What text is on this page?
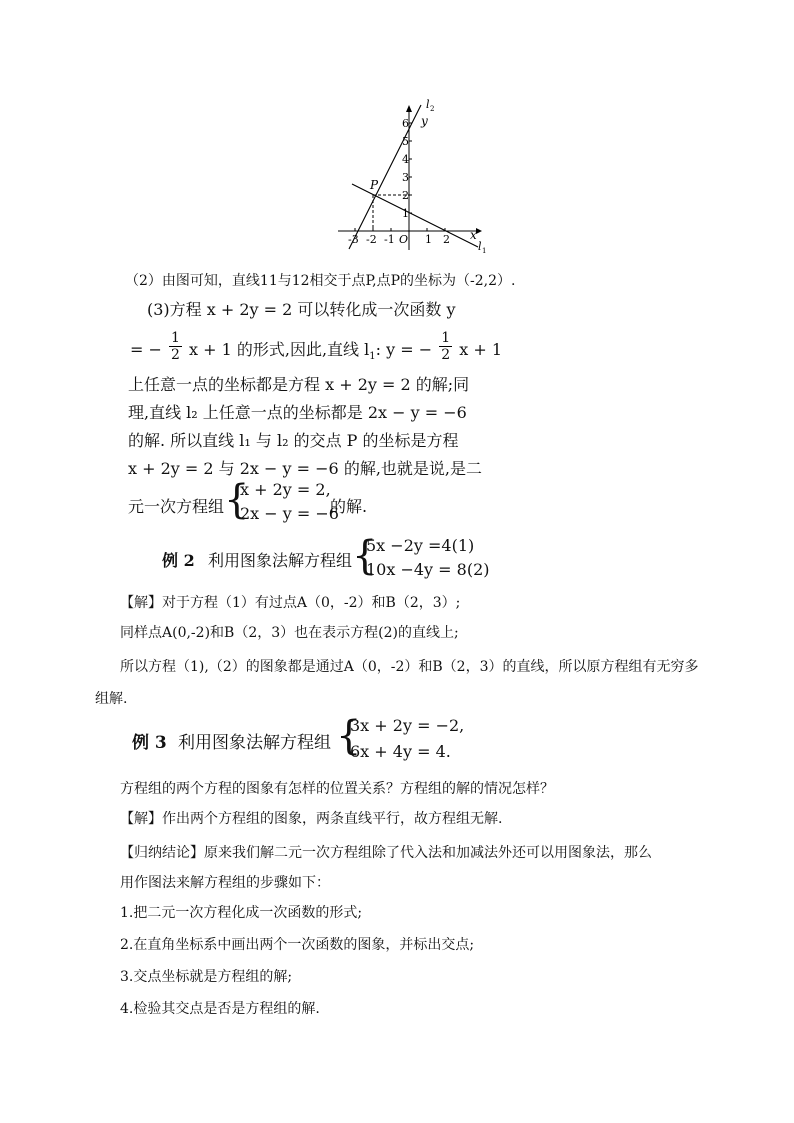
l 2
y
x
l 1
P
O
6
5
4
3
2
1
-3 -2 -1	1 2
（2）由图可知，直线11与12相交于点P,点P的坐标为（-2,2）.
(3)方程 x + 2y = 2 可以转化成一次函数 y
= − $\frac{1}{2}$ x + 1 的形式,因此,直线 $l_1$: y = − $\frac{1}{2}$ x + 1
上任意一点的坐标都是方程 x + 2y = 2 的解;同
理,直线 l₂ 上任意一点的坐标都是 2x − y = −6
的解. 所以直线 l₁ 与 l₂ 的交点 P 的坐标是方程
x + 2y = 2 与 2x − y = −6 的解,也就是说,是二
元一次方程组 {
x + 2y = 2,
2x − y = −6
的解.
例 2 利用图象法解方程组 {
5x −2y =4(1)
10x −4y = 8(2)
【解】对于方程（1）有过点A（0，-2）和B（2，3）;
同样点A(0,-2)和B（2，3）也在表示方程(2)的直线上;
所以方程（1),（2）的图象都是通过A（0，-2）和B（2，3）的直线，所以原方程组有无穷多
组解.
例 3 利用图象法解方程组 {
3x + 2y = −2,
6x + 4y = 4.
方程组的两个方程的图象有怎样的位置关系？方程组的解的情况怎样？
【解】作出两个方程组的图象，两条直线平行，故方程组无解.
【归纳结论】原来我们解二元一次方程组除了代入法和加减法外还可以用图象法，那么
用作图法来解方程组的步骤如下：
1.把二元一次方程化成一次函数的形式;
2.在直角坐标系中画出两个一次函数的图象，并标出交点;
3.交点坐标就是方程组的解;
4.检验其交点是否是方程组的解.
